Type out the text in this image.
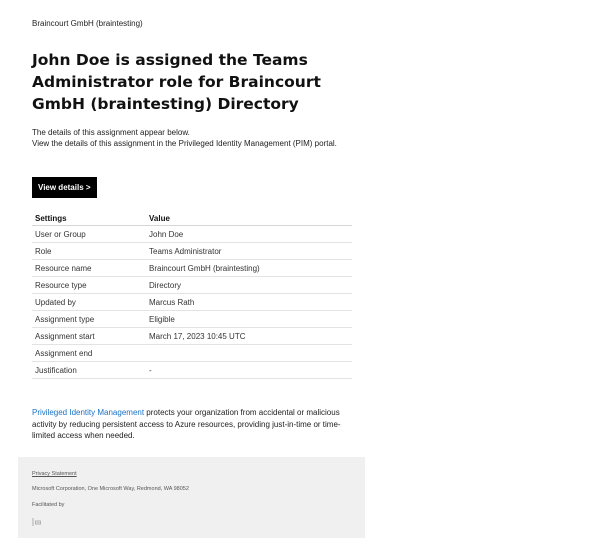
Braincourt GmbH (braintesting)
John Doe is assigned the Teams Administrator role for Braincourt GmbH (braintesting) Directory

The details of this assignment appear below.

View the details of this assignment in the Privileged Identity Management (PIM) portal.

View details >
Settings	Value
User or Group	John Doe
Role	Teams Administrator
Resource name	Braincourt GmbH (braintesting)
Resource type	Directory
Updated by	Marcus Rath
Assignment type	Eligible
Assignment start	March 17, 2023 10:45 UTC
Assignment end	
Justification	-

Privileged Identity Management protects your organization from accidental or malicious activity by reducing persistent access to Azure resources, providing just-in-time or time-limited access when needed.

Privacy Statement
Microsoft Corporation, One Microsoft Way, Redmond, WA 98052
Facilitated by
